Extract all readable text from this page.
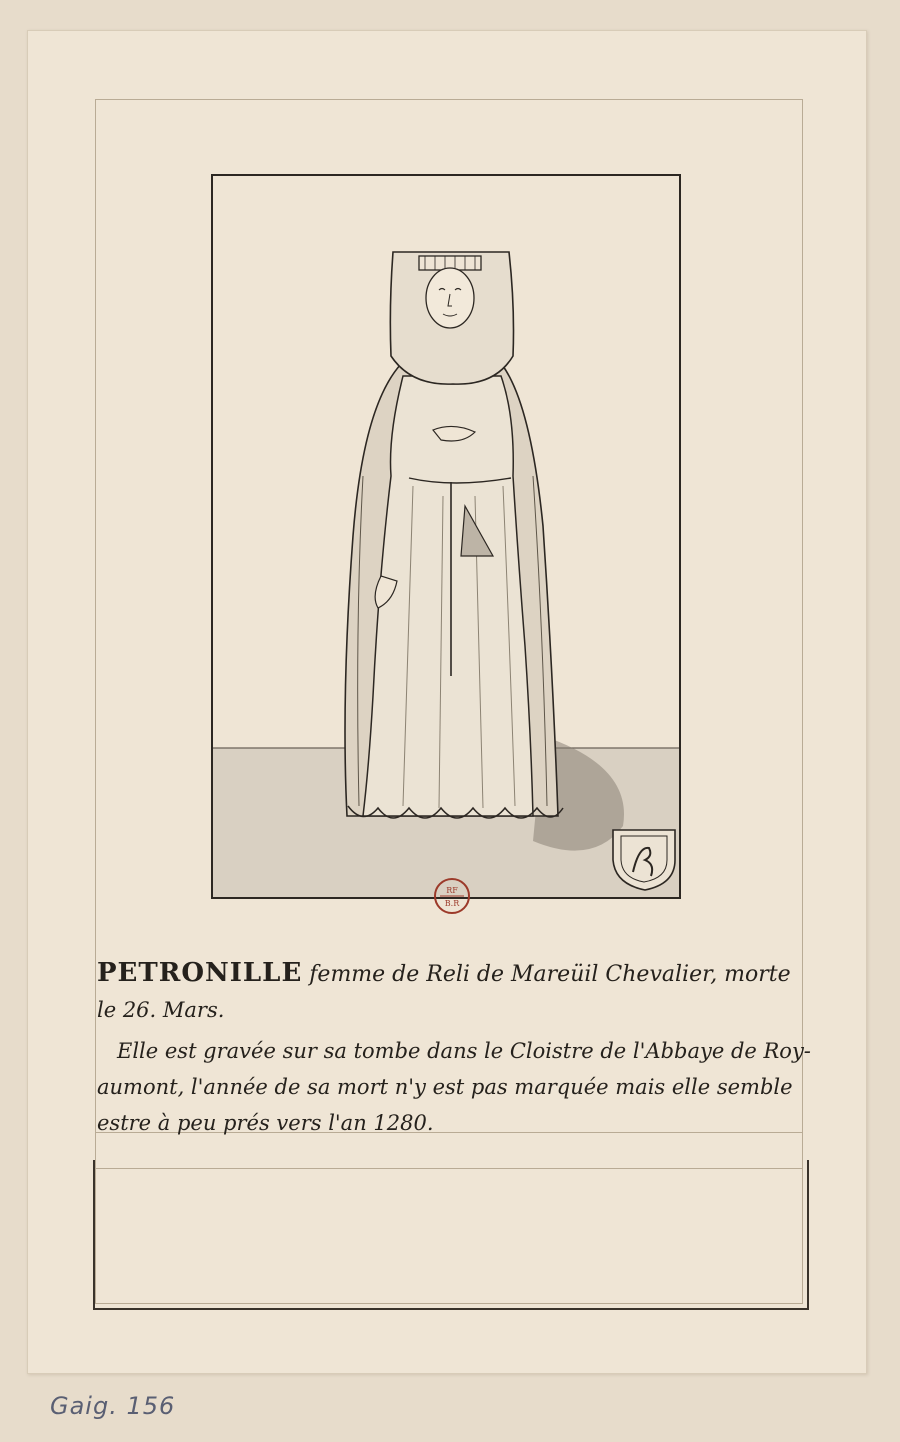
RF
B.R
PETRONILLE femme de Reli de Mareüil Chevalier, morte
le 26. Mars.
Elle est gravée sur sa tombe dans le Cloistre de l'Abbaye de Roy-
aumont, l'année de sa mort n'y est pas marquée mais elle semble
estre à peu prés vers l'an 1280.
Gaig. 156
